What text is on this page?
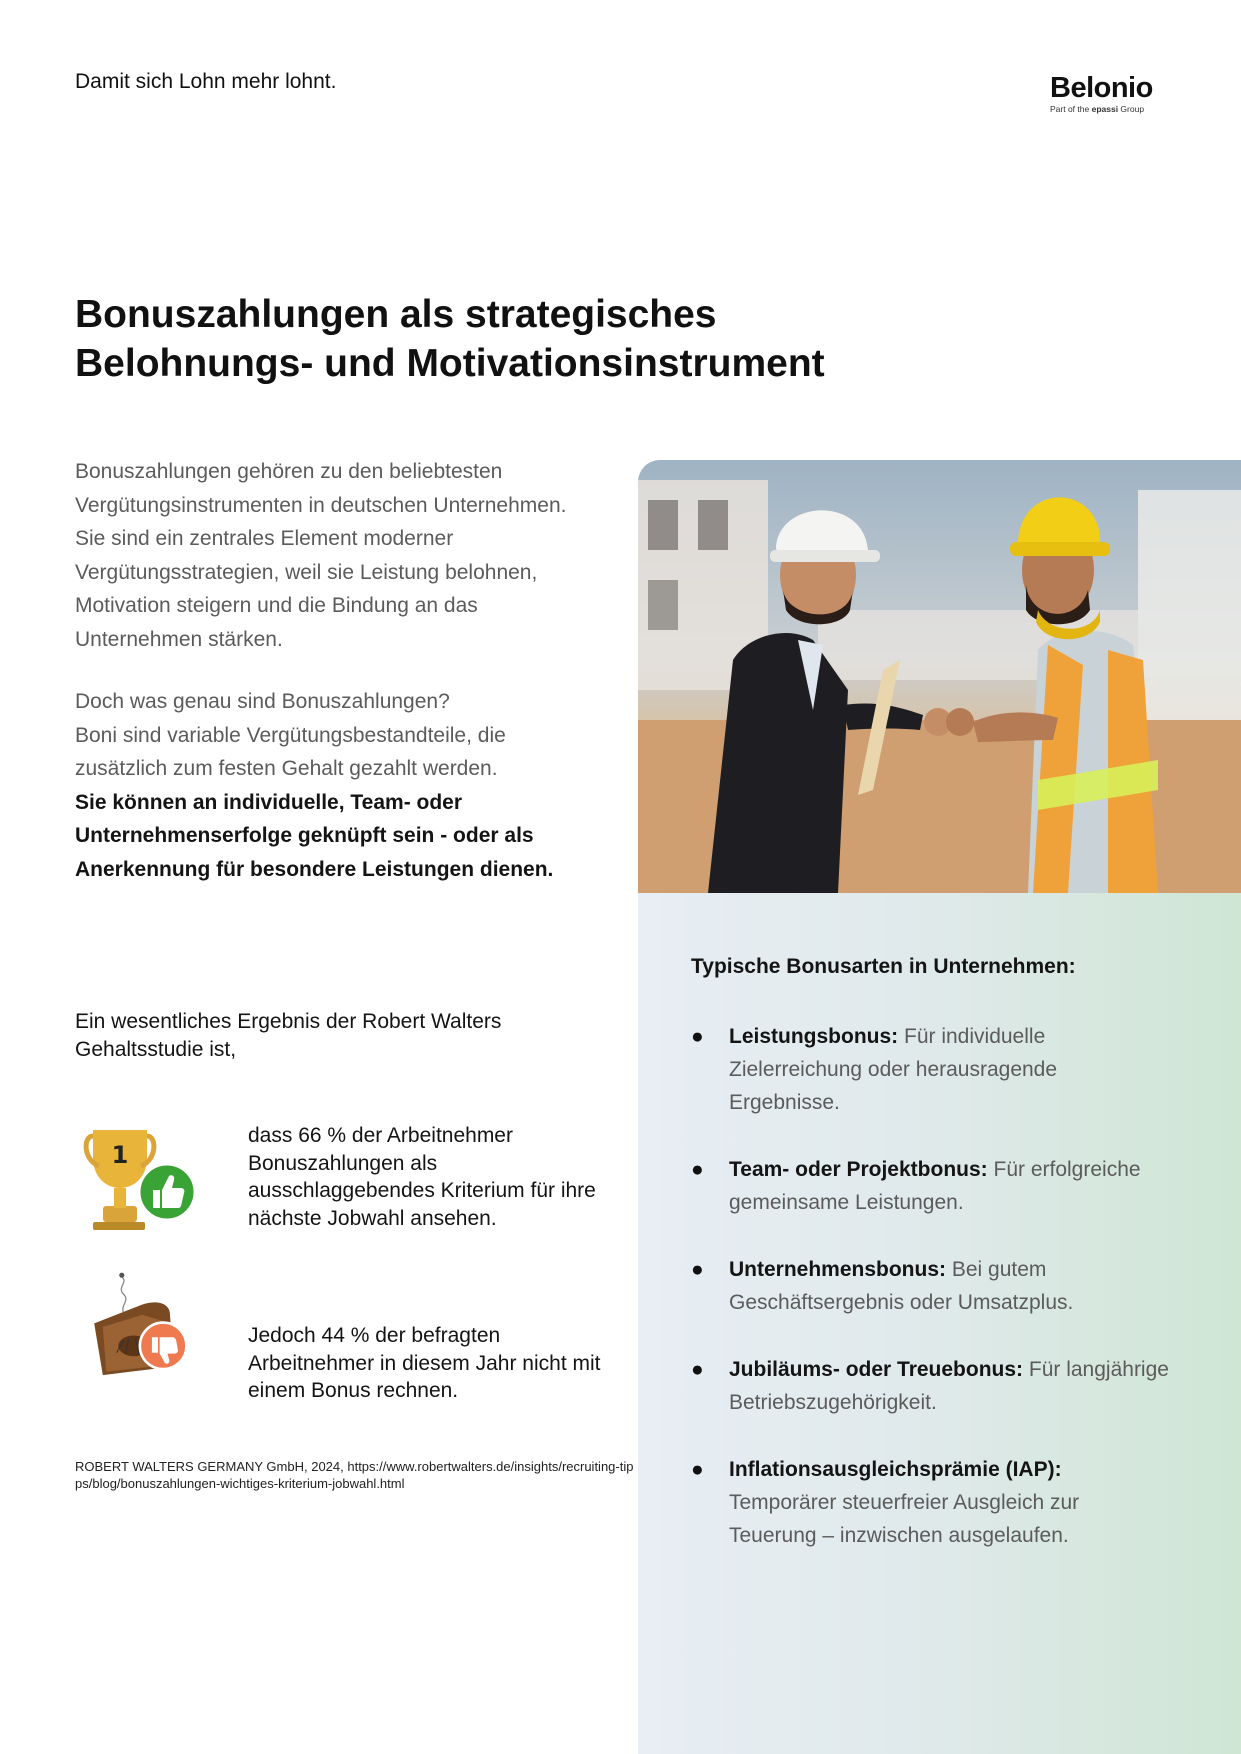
Damit sich Lohn mehr lohnt.	Belonio
Part of the epassi Group
Bonuszahlungen als strategisches
Belohnungs- und Motivationsinstrument

Bonuszahlungen gehören zu den beliebtesten Vergütungsinstrumenten in deutschen Unternehmen. Sie sind ein zentrales Element moderner Vergütungsstrategien, weil sie Leistung belohnen, Motivation steigern und die Bindung an das Unternehmen stärken.

Doch was genau sind Bonuszahlungen?

Boni sind variable Vergütungsbestandteile, die zusätzlich zum festen Gehalt gezahlt werden.

Sie können an individuelle, Team- oder Unternehmenserfolge geknüpft sein - oder als Anerkennung für besondere Leistungen dienen.

Ein wesentliches Ergebnis der Robert Walters Gehaltsstudie ist,
1
dass 66 % der Arbeitnehmer Bonuszahlungen als ausschlaggebendes Kriterium für ihre nächste Jobwahl ansehen.
Jedoch 44 % der befragten Arbeitnehmer in diesem Jahr nicht mit einem Bonus rechnen.
ROBERT WALTERS GERMANY GmbH, 2024, https://www.robertwalters.de/insights/recruiting-tipps/blog/bonuszahlungen-wichtiges-kriterium-jobwahl.html
Typische Bonusarten in Unternehmen:
● Leistungsbonus: Für individuelle Zielerreichung oder herausragende Ergebnisse.
● Team- oder Projektbonus: Für erfolgreiche gemeinsame Leistungen.
● Unternehmensbonus: Bei gutem Geschäftsergebnis oder Umsatzplus.
● Jubiläums- oder Treuebonus: Für langjährige Betriebszugehörigkeit.
● Inflationsausgleichsprämie (IAP): Temporärer steuerfreier Ausgleich zur Teuerung – inzwischen ausgelaufen.
